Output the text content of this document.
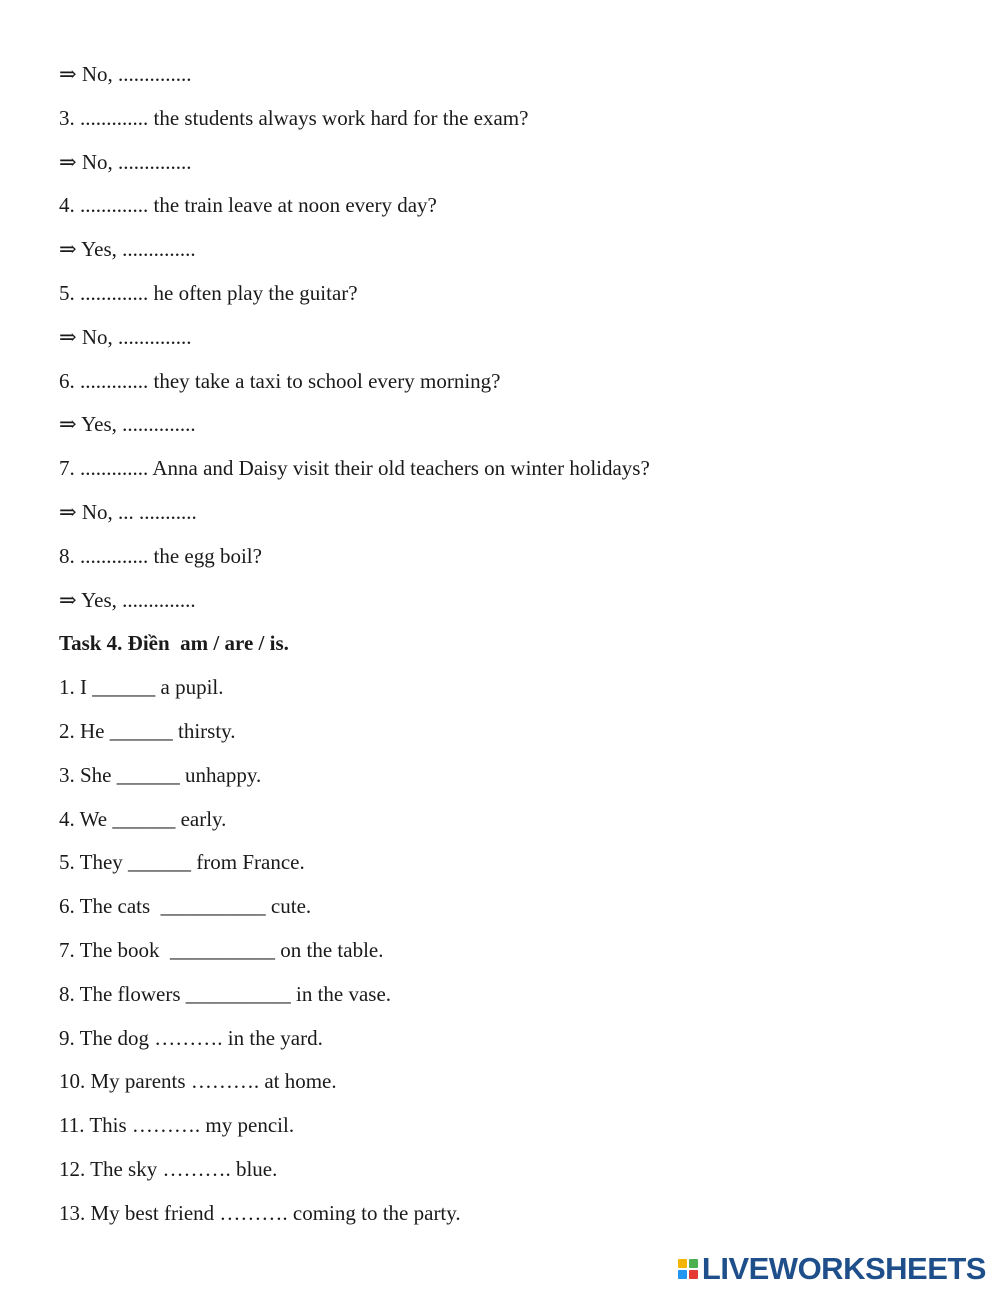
⇒ No, ..............
3. ............. the students always work hard for the exam?
⇒ No, ..............
4. ............. the train leave at noon every day?
⇒ Yes, ..............
5. ............. he often play the guitar?
⇒ No, ..............
6. ............. they take a taxi to school every morning?
⇒ Yes, ..............
7. ............. Anna and Daisy visit their old teachers on winter holidays?
⇒ No, ... ...........
8. ............. the egg boil?
⇒ Yes, ..............
Task 4. Điền  am / are / is.
1. I ______ a pupil.
2. He ______ thirsty.
3. She ______ unhappy.
4. We ______ early.
5. They ______ from France.
6. The cats  __________ cute.
7. The book  __________ on the table.
8. The flowers __________ in the vase.
9. The dog ………. in the yard.
10. My parents ………. at home.
11. This ………. my pencil.
12. The sky ………. blue.
13. My best friend ………. coming to the party.
LIVEWORKSHEETS
